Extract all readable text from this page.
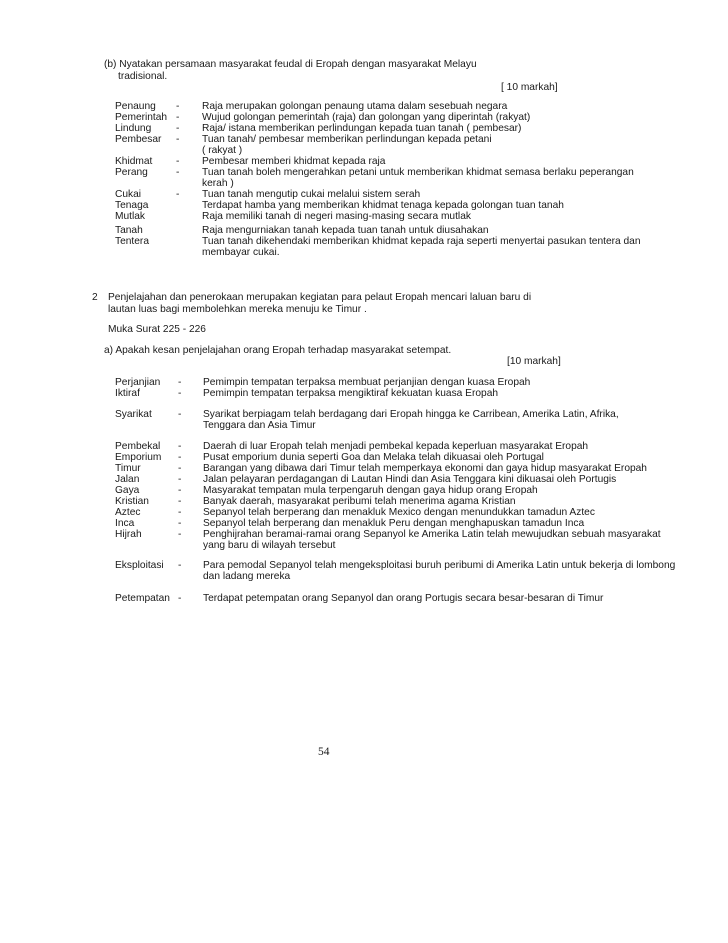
(b) Nyatakan persamaan masyarakat feudal di Eropah dengan masyarakat Melayu
tradisional.
Penaung - Raja merupakan golongan penaung utama dalam sesebuah negara
Pemerintah - Wujud golongan pemerintah (raja) dan golongan yang diperintah (rakyat)
Lindung - Raja/ istana memberikan perlindungan kepada tuan tanah ( pembesar)
Pembesar - Tuan tanah/ pembesar memberikan perlindungan kepada petani
( rakyat )
Khidmat - Pembesar memberi khidmat kepada raja
Perang	- Tuan tanah boleh mengerahkan petani untuk memberikan khidmat semasa berlaku peperangan
kerah )
Cukai	- Tuan tanah mengutip cukai melalui sistem serah
Tenaga	Terdapat hamba yang memberikan khidmat tenaga kepada golongan tuan tanah
Mutlak	Raja memiliki tanah di negeri masing-masing secara mutlak
Tanah	Raja mengurniakan tanah kepada tuan tanah untuk diusahakan
Tentera	Tuan tanah dikehendaki memberikan khidmat kepada raja seperti menyertai pasukan tentera dan
membayar cukai.
2 Penjelajahan dan penerokaan merupakan kegiatan para pelaut Eropah mencari laluan baru di
lautan luas bagi membolehkan mereka menuju ke Timur .
Muka Surat 225 - 226
a) Apakah kesan penjelajahan orang Eropah terhadap masyarakat setempat.
Perjanjian - Pemimpin tempatan terpaksa membuat perjanjian dengan kuasa Eropah
Iktiraf	- Pemimpin tempatan terpaksa mengiktiraf kekuatan kuasa Eropah
Syarikat	- Syarikat berpiagam telah berdagang dari Eropah hingga ke Carribean, Amerika Latin, Afrika,
Tenggara dan Asia Timur
Pembekal - Daerah di luar Eropah telah menjadi pembekal kepada keperluan masyarakat Eropah
Emporium - Pusat emporium dunia seperti Goa dan Melaka telah dikuasai oleh Portugal
Timur	- Barangan yang dibawa dari Timur telah memperkaya ekonomi dan gaya hidup masyarakat Eropah
Jalan	- Jalan pelayaran perdagangan di Lautan Hindi dan Asia Tenggara kini dikuasai oleh Portugis
Gaya	- Masyarakat tempatan mula terpengaruh dengan gaya hidup orang Eropah
Kristian	- Banyak daerah, masyarakat peribumi telah menerima agama Kristian
Aztec	- Sepanyol telah berperang dan menakluk Mexico dengan menundukkan tamadun Aztec
Inca	- Sepanyol telah berperang dan menakluk Peru dengan menghapuskan tamadun Inca
Hijrah	- Penghijrahan beramai-ramai orang Sepanyol ke Amerika Latin telah mewujudkan sebuah masyarakat
yang baru di wilayah tersebut
Eksploitasi - Para pemodal Sepanyol telah mengeksploitasi buruh peribumi di Amerika Latin untuk bekerja di lombong
dan ladang mereka
Petempatan - Terdapat petempatan orang Sepanyol dan orang Portugis secara besar-besaran di Timur
[ 10 markah]
[10 markah]
54
